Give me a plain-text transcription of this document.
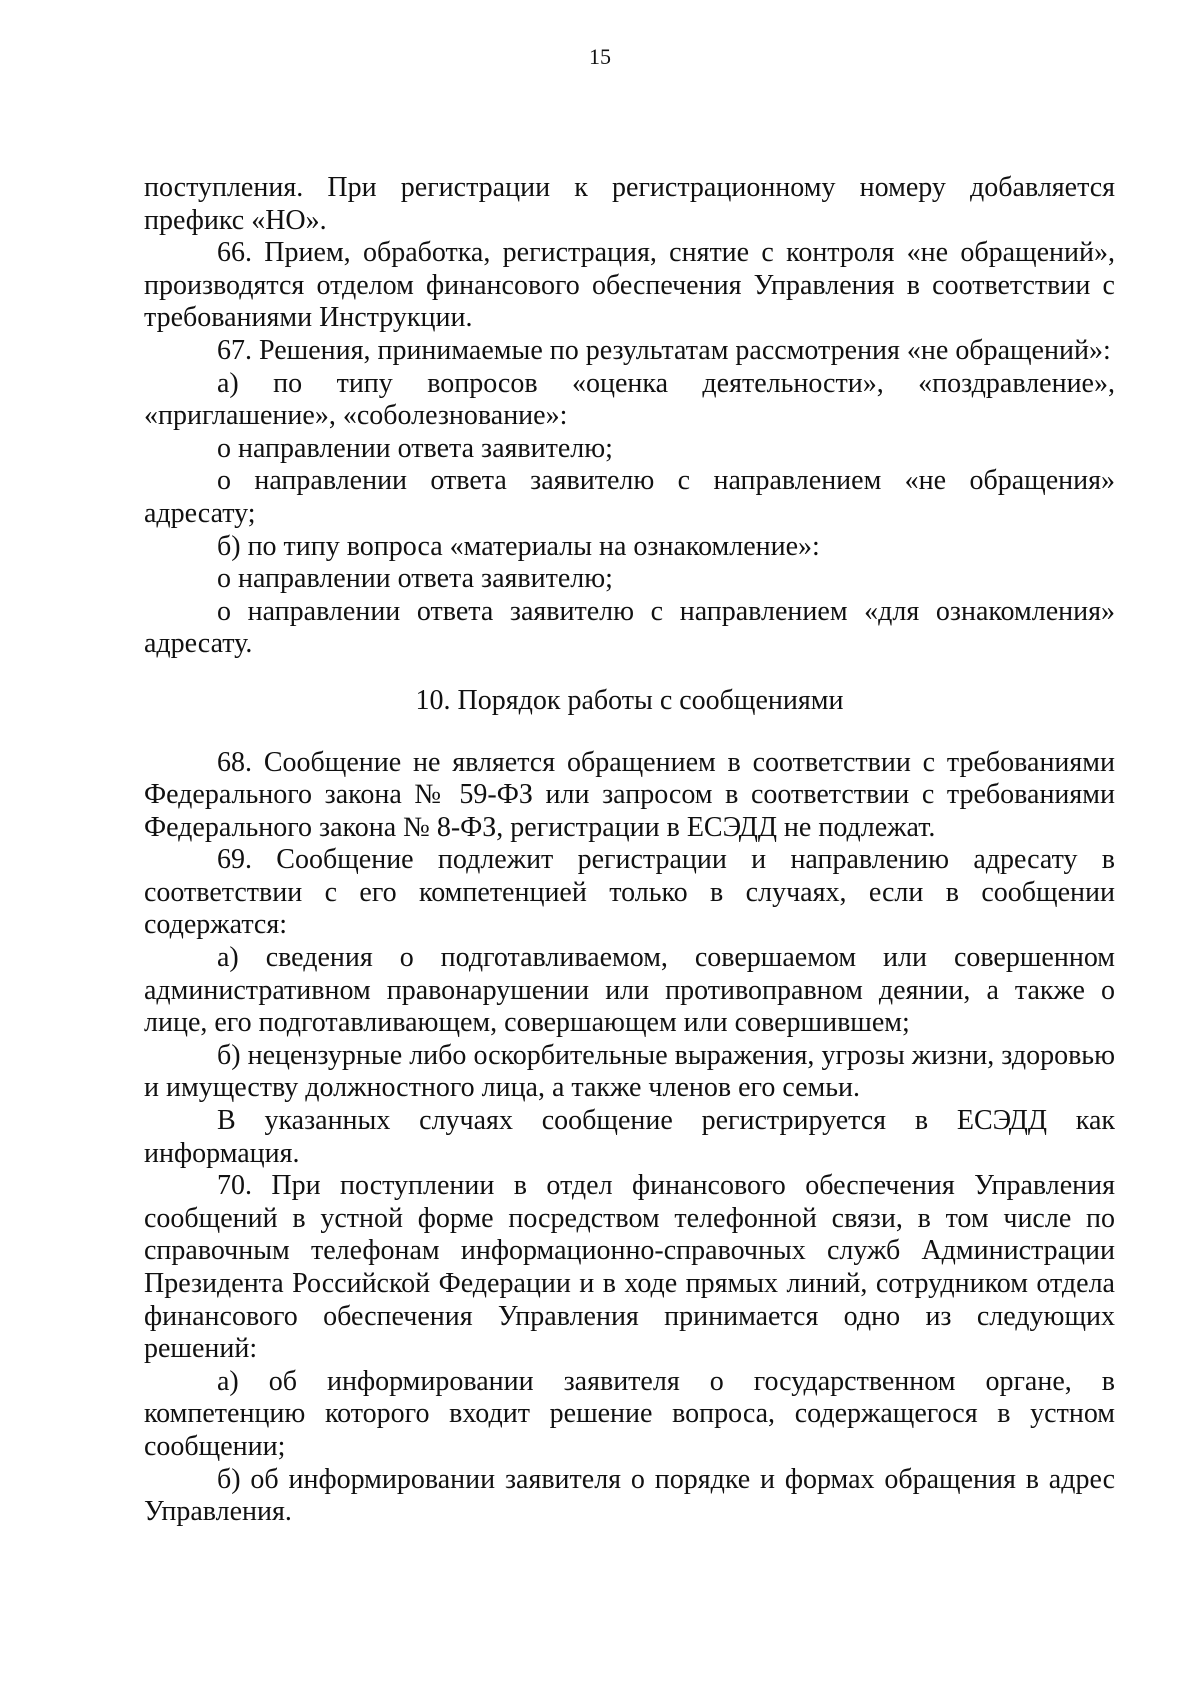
15

поступления. При регистрации к регистрационному номеру добавляется префикс «НО».

66. Прием, обработка, регистрация, снятие с контроля «не обращений», производятся отделом финансового обеспечения Управления в соответствии с требованиями Инструкции.

67. Решения, принимаемые по результатам рассмотрения «не обращений»:

а) по типу вопросов «оценка деятельности», «поздравление», «приглашение», «соболезнование»:

о направлении ответа заявителю;

о направлении ответа заявителю с направлением «не обращения» адресату;

б) по типу вопроса «материалы на ознакомление»:

о направлении ответа заявителю;

о направлении ответа заявителю с направлением «для ознакомления» адресату.

10. Порядок работы с сообщениями

68. Сообщение не является обращением в соответствии с требованиями Федерального закона № 59-ФЗ или запросом в соответствии с требованиями Федерального закона № 8-ФЗ, регистрации в ЕСЭДД не подлежат.

69. Сообщение подлежит регистрации и направлению адресату в соответствии с его компетенцией только в случаях, если в сообщении содержатся:

а) сведения о подготавливаемом, совершаемом или совершенном административном правонарушении или противоправном деянии, а также о лице, его подготавливающем, совершающем или совершившем;

б) нецензурные либо оскорбительные выражения, угрозы жизни, здоровью и имуществу должностного лица, а также членов его семьи.

В указанных случаях сообщение регистрируется в ЕСЭДД как информация.

70. При поступлении в отдел финансового обеспечения Управления сообщений в устной форме посредством телефонной связи, в том числе по справочным телефонам информационно-справочных служб Администрации Президента Российской Федерации и в ходе прямых линий, сотрудником отдела финансового обеспечения Управления принимается одно из следующих решений:

а) об информировании заявителя о государственном органе, в компетенцию которого входит решение вопроса, содержащегося в устном сообщении;

б) об информировании заявителя о порядке и формах обращения в адрес Управления.
